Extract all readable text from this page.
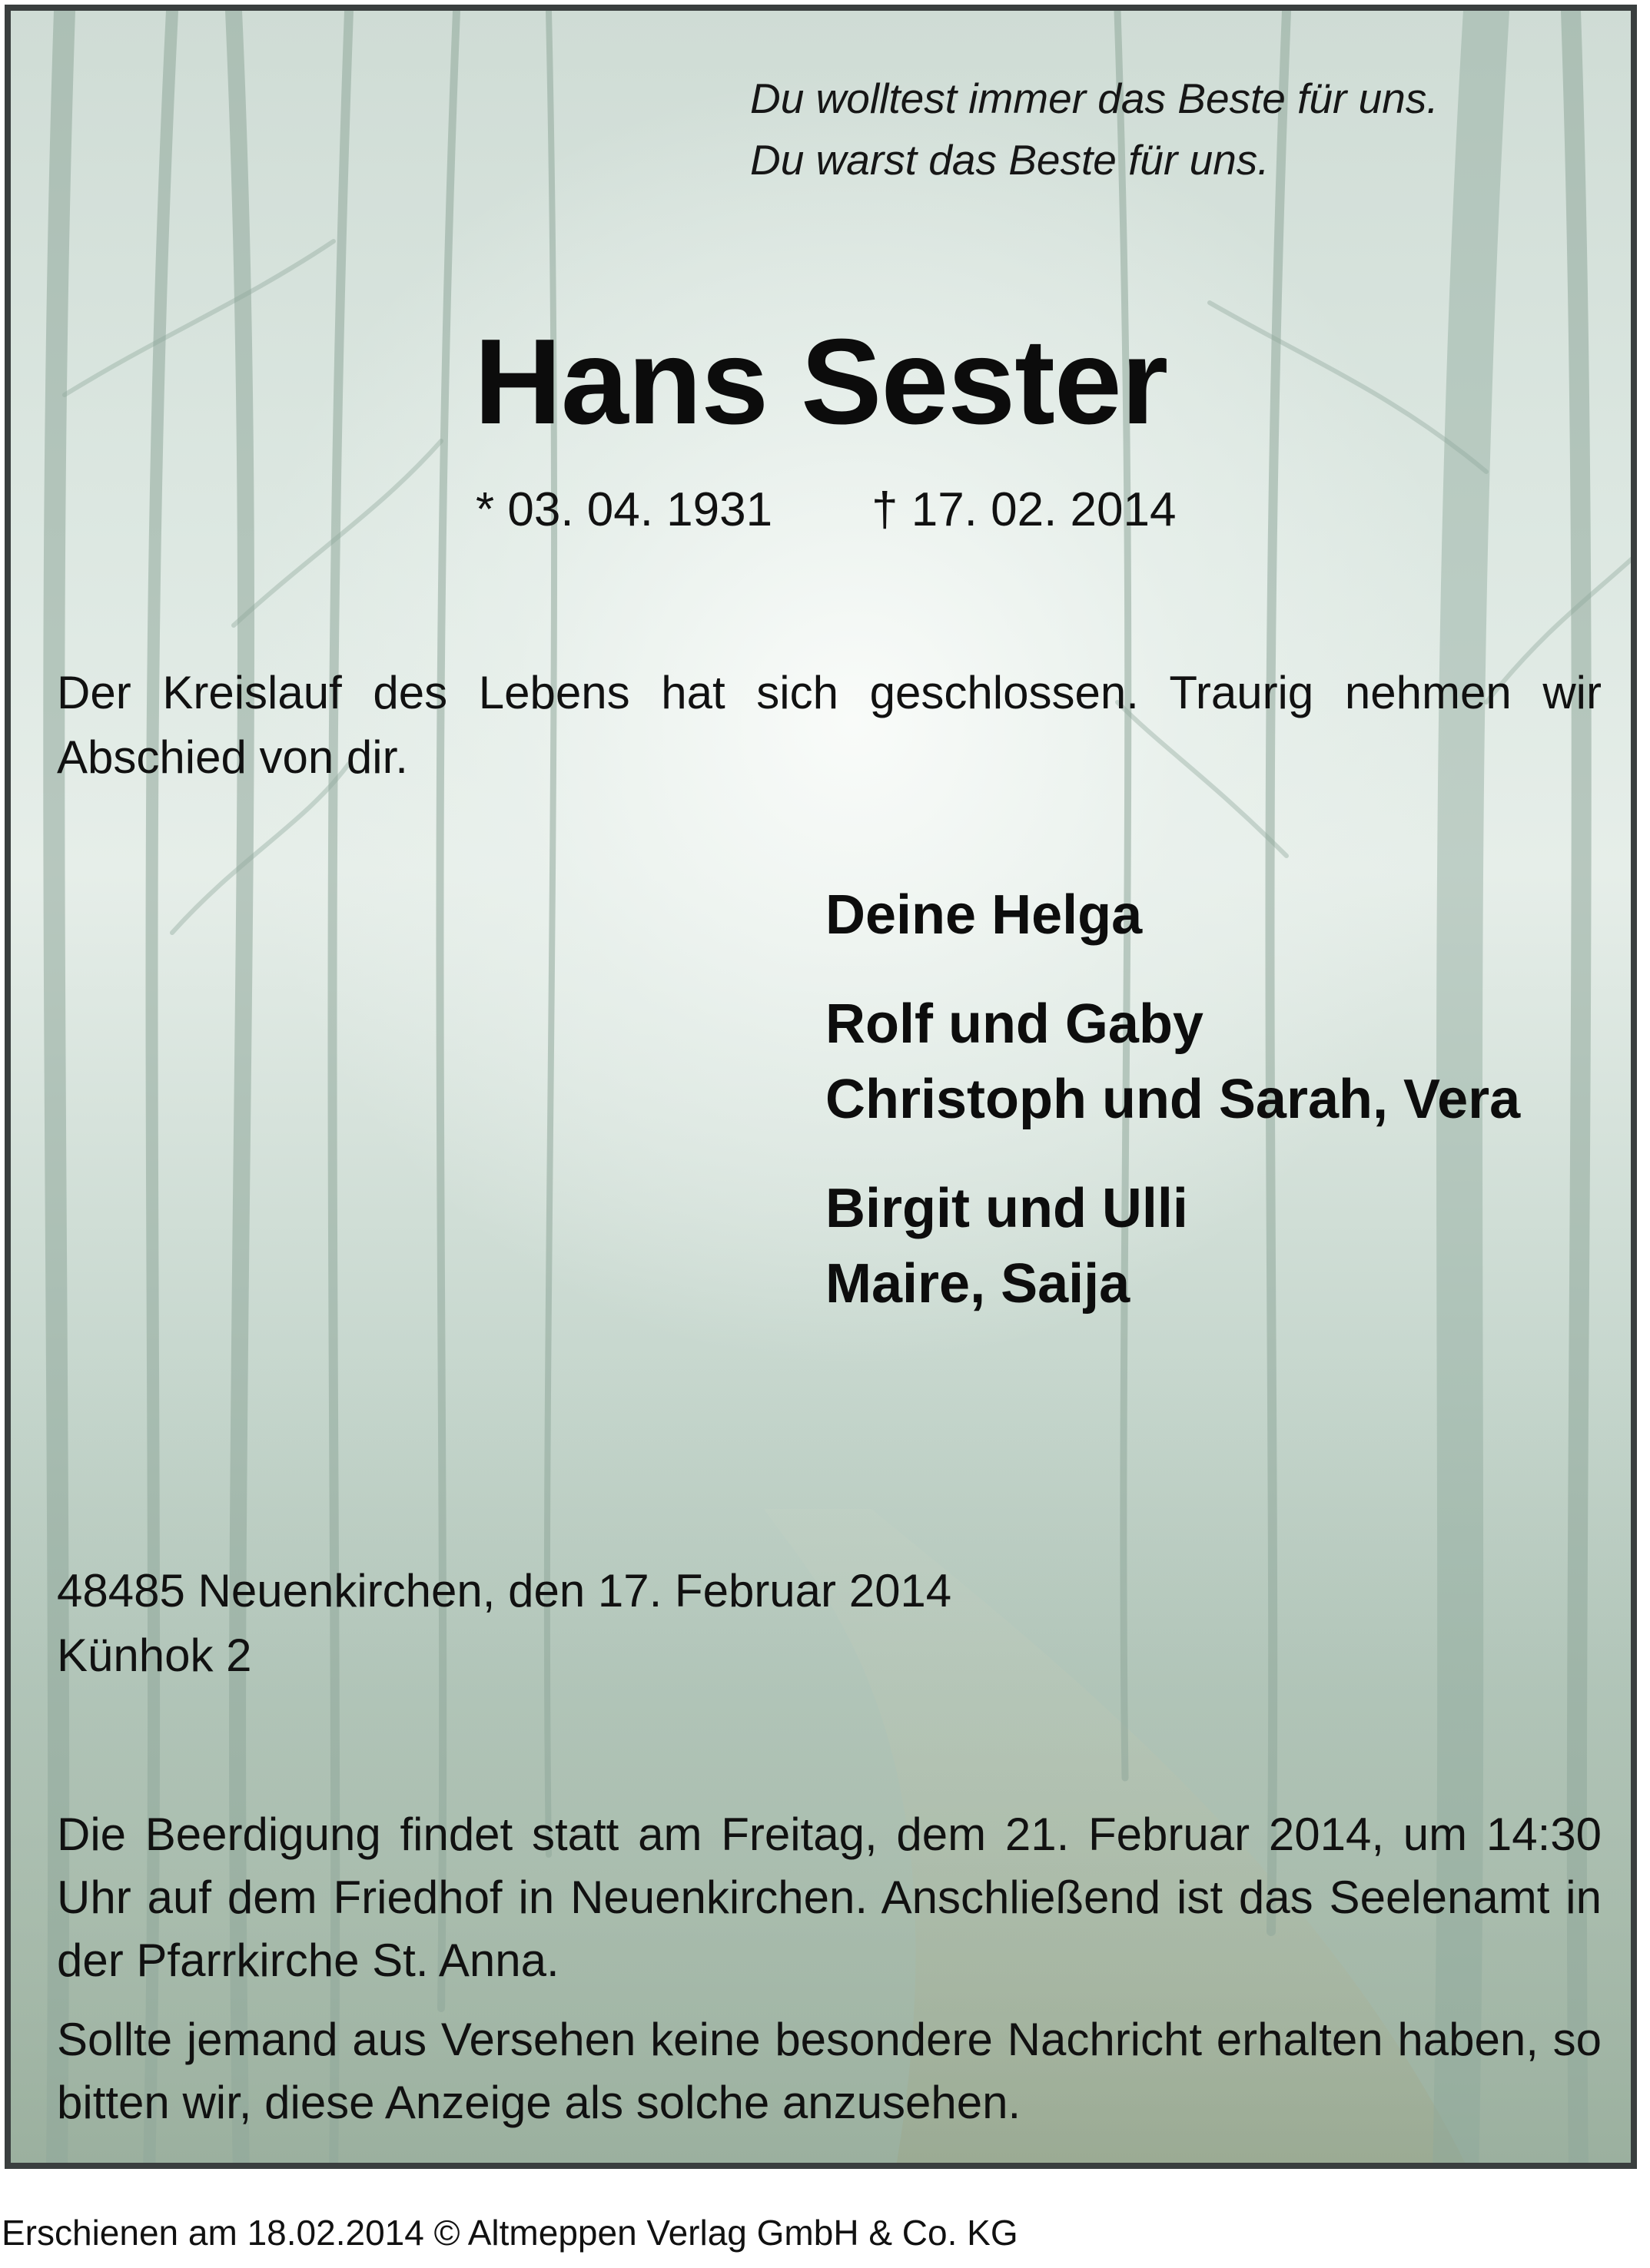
Du wolltest immer das Beste für uns.
Du warst das Beste für uns.

Hans Sester
* 03. 04. 1931 † 17. 02. 2014

Der Kreislauf des Lebens hat sich geschlossen. Traurig nehmen wir Abschied von dir.

Deine Helga
Rolf und Gaby
Christoph und Sarah, Vera
Birgit und Ulli
Maire, Saija

48485 Neuenkirchen, den 17. Februar 2014
Künhok 2

Die Beerdigung findet statt am Freitag, dem 21. Februar 2014, um 14:30 Uhr auf dem Friedhof in Neuenkirchen. Anschließend ist das Seelenamt in der Pfarrkirche St. Anna.

Sollte jemand aus Versehen keine besondere Nachricht erhalten haben, so bitten wir, diese Anzeige als solche anzusehen.

Erschienen am 18.02.2014 © Altmeppen Verlag GmbH & Co. KG
